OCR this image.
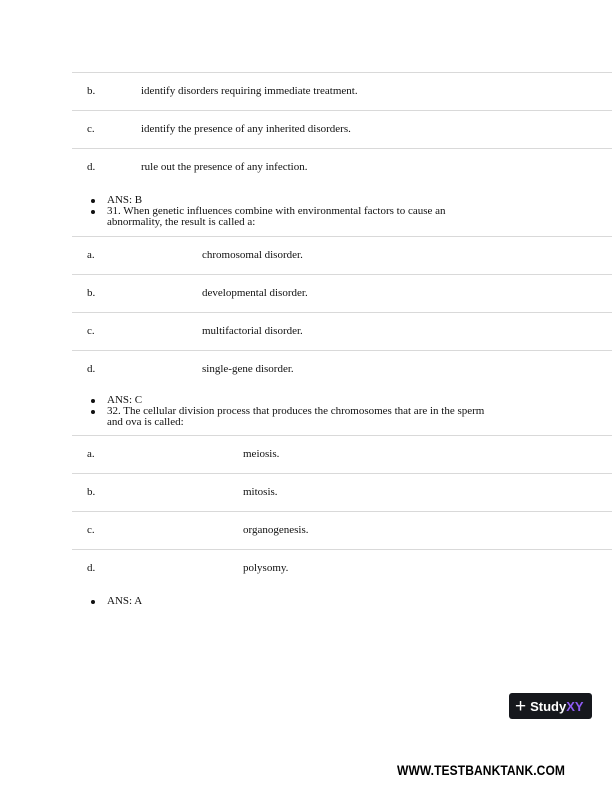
b.	identify disorders requiring immediate treatment.
c.	identify the presence of any inherited disorders.
d.	rule out the presence of any infection.
ANS: B
31. When genetic influences combine with environmental factors to cause an
abnormality, the result is called a:
a.	chromosomal disorder.
b.	developmental disorder.
c.	multifactorial disorder.
d.	single-gene disorder.
ANS: C
32. The cellular division process that produces the chromosomes that are in the sperm
and ova is called:
a.	meiosis.
b.	mitosis.
c.	organogenesis.
d.	polysomy.
ANS: A
+ Study XY
WWW.TESTBANKTANK.COM
